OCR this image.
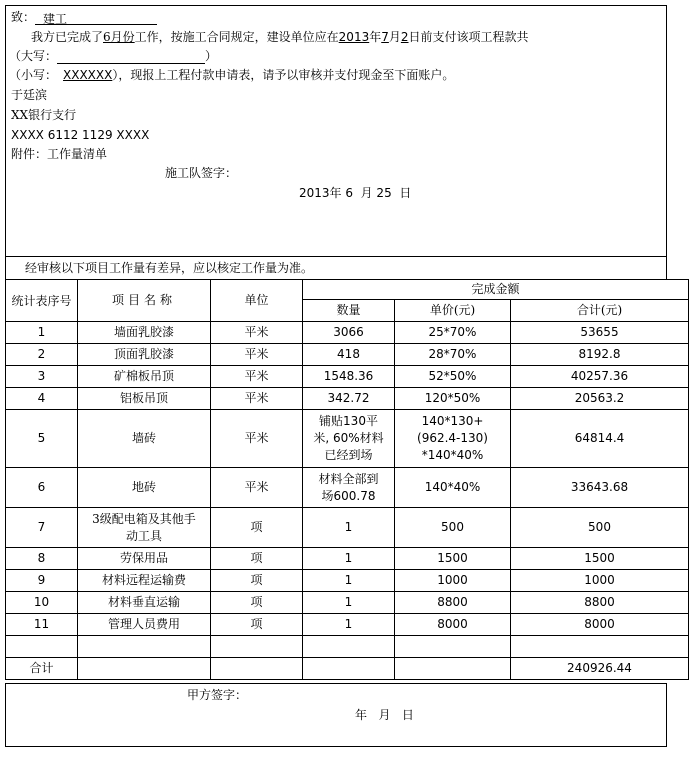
致： 建工
我方已完成了6月份工作，按施工合同规定，建设单位应在2013年7月2日前支付该项工程款共
（大写：	）
（小写： XXXXXX），现报上工程付款申请表，请予以审核并支付现金至下面账户。
于廷滨
XX银行支行
XXXX 6112 1129 XXXX
附件：工作量清单
施工队签字：
2013年 6  月 25  日
经审核以下项目工作量有差异，应以核定工作量为准。
统计表序号	项目名称	单位	完成金额		
			数量	单价(元)	合计(元)
1	墙面乳胶漆	平米	3066	25*70%	53655
2	顶面乳胶漆	平米	418	28*70%	8192.8
3	矿棉板吊顶	平米	1548.36	52*50%	40257.36
4	铝板吊顶	平米	342.72	120*50%	20563.2
5	墙砖	平米	铺贴130平
米, 60%材料
已经到场	140*130+
(962.4-130)
*140*40%	64814.4
6	地砖	平米	材料全部到
场600.78	140*40%	33643.68
7	3级配电箱及其他手
动工具	项	1	500	500
8	劳保用品	项	1	1500	1500
9	材料远程运输费	项	1	1000	1000
10	材料垂直运输	项	1	8800	8800
11	管理人员费用	项	1	8000	8000

合计					240926.44
甲方签字：
年   月   日
